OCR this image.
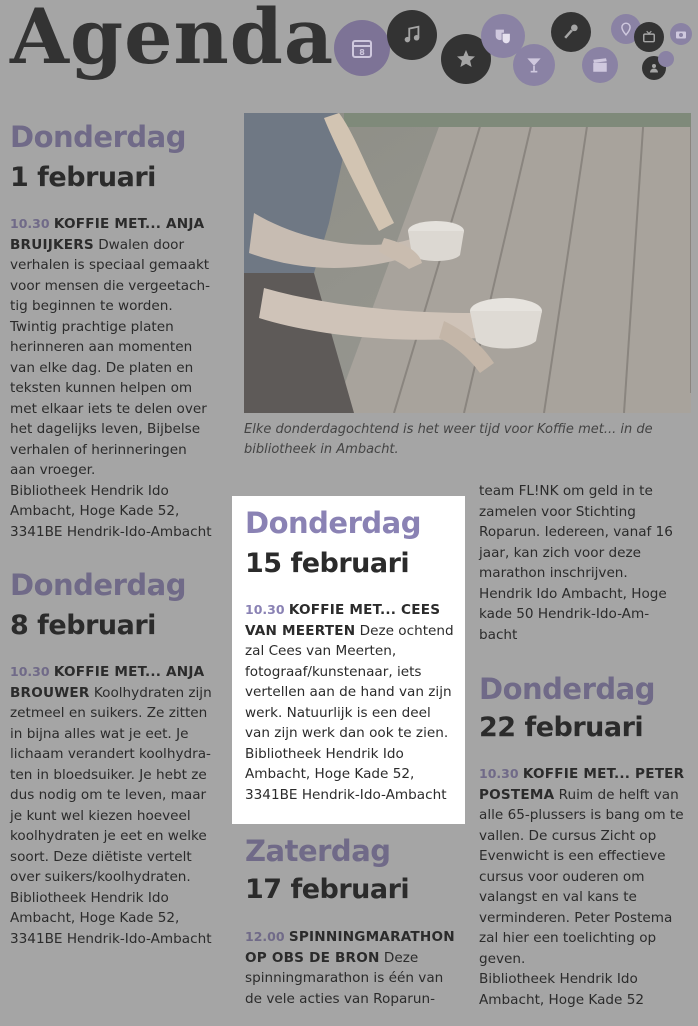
Agenda	8
Elke donderdagochtend is het weer tijd voor Koffie met... in de bibliotheek in Ambacht.
Donderdag
1 februari
10.30 KOFFIE MET... ANJA
BRUIJKERS Dwalen door
verhalen is speciaal gemaakt
voor mensen die vergeetach-
tig beginnen te worden.
Twintig prachtige platen
herinneren aan momenten
van elke dag. De platen en
teksten kunnen helpen om
met elkaar iets te delen over
het dagelijks leven, Bijbelse
verhalen of herinneringen
aan vroeger.
Bibliotheek Hendrik Ido
Ambacht, Hoge Kade 52,
3341BE Hendrik-Ido-Ambacht
Donderdag
8 februari
10.30 KOFFIE MET... ANJA
BROUWER Koolhydraten zijn
zetmeel en suikers. Ze zitten
in bijna alles wat je eet. Je
lichaam verandert koolhydra-
ten in bloedsuiker. Je hebt ze
dus nodig om te leven, maar
je kunt wel kiezen hoeveel
koolhydraten je eet en welke
soort. Deze diëtiste vertelt
over suikers/koolhydraten.
Bibliotheek Hendrik Ido
Ambacht, Hoge Kade 52,
3341BE Hendrik-Ido-Ambacht
Donderdag
15 februari
10.30 KOFFIE MET... CEES
VAN MEERTEN Deze ochtend
zal Cees van Meerten,
fotograaf/kunstenaar, iets
vertellen aan de hand van zijn
werk. Natuurlijk is een deel
van zijn werk dan ook te zien.
Bibliotheek Hendrik Ido
Ambacht, Hoge Kade 52,
3341BE Hendrik-Ido-Ambacht
Zaterdag
17 februari
12.00 SPINNINGMARATHON
OP OBS DE BRON Deze
spinningmarathon is één van
de vele acties van Roparun-
team FL!NK om geld in te
zamelen voor Stichting
Roparun. Iedereen, vanaf 16
jaar, kan zich voor deze
marathon inschrijven.
Hendrik Ido Ambacht, Hoge
kade 50 Hendrik-Ido-Am-
bacht
Donderdag
22 februari
10.30 KOFFIE MET... PETER
POSTEMA Ruim de helft van
alle 65-plussers is bang om te
vallen. De cursus Zicht op
Evenwicht is een effectieve
cursus voor ouderen om
valangst en val kans te
verminderen. Peter Postema
zal hier een toelichting op
geven.
Bibliotheek Hendrik Ido
Ambacht, Hoge Kade 52
